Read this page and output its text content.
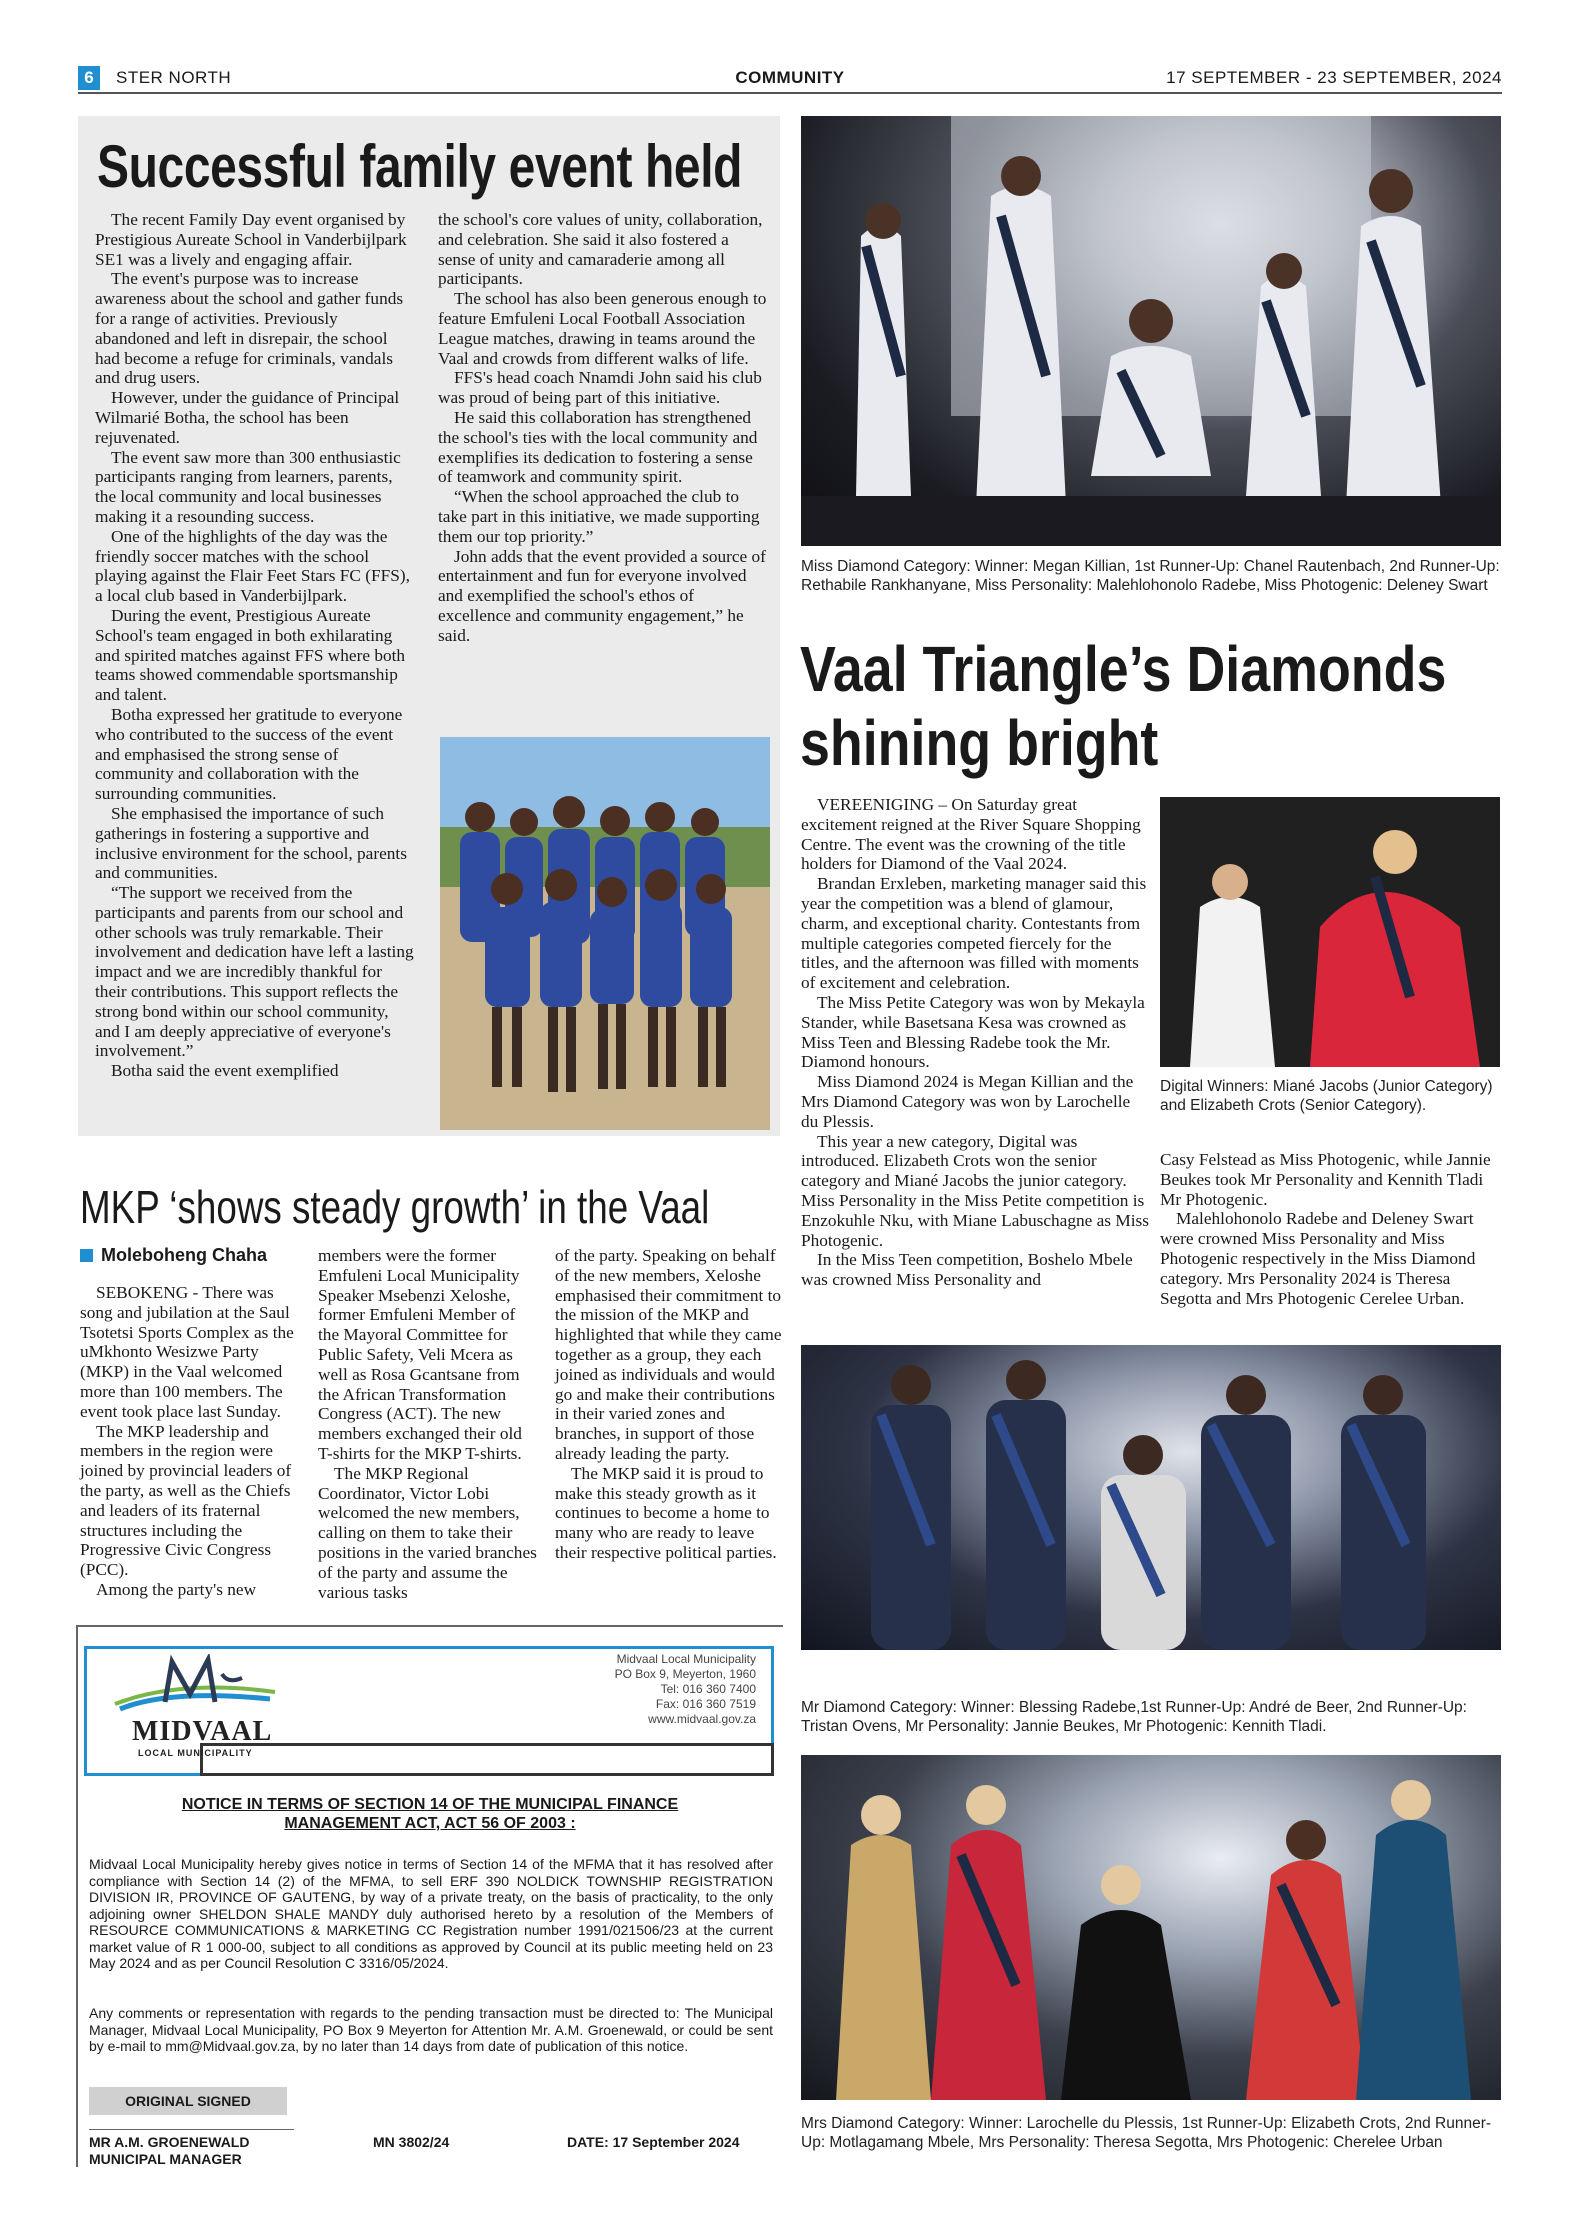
6	STER NORTH	COMMUNITY	17 SEPTEMBER - 23 SEPTEMBER, 2024
Successful family event held

The recent Family Day event organised by Prestigious Aureate School in Vanderbijlpark SE1 was a lively and engaging affair.

The event's purpose was to increase awareness about the school and gather funds for a range of activities. Previously abandoned and left in disrepair, the school had become a refuge for criminals, vandals and drug users.

However, under the guidance of Principal Wilmarié Botha, the school has been rejuvenated.

The event saw more than 300 enthusiastic participants ranging from learners, parents, the local community and local businesses making it a resounding success.

One of the highlights of the day was the friendly soccer matches with the school playing against the Flair Feet Stars FC (FFS), a local club based in Vanderbijlpark.

During the event, Prestigious Aureate School's team engaged in both exhilarating and spirited matches against FFS where both teams showed commendable sportsmanship and talent.

Botha expressed her gratitude to everyone who contributed to the success of the event and emphasised the strong sense of community and collaboration with the surrounding communities.

She emphasised the importance of such gatherings in fostering a supportive and inclusive environment for the school, parents and communities.

“The support we received from the participants and parents from our school and other schools was truly remarkable. Their involvement and dedication have left a lasting impact and we are incredibly thankful for their contributions. This support reflects the strong bond within our school community, and I am deeply appreciative of everyone's involvement.”

Botha said the event exemplified

the school's core values of unity, collaboration, and celebration. She said it also fostered a sense of unity and camaraderie among all participants.

The school has also been generous enough to feature Emfuleni Local Football Association League matches, drawing in teams around the Vaal and crowds from different walks of life.

FFS's head coach Nnamdi John said his club was proud of being part of this initiative.

He said this collaboration has strengthened the school's ties with the local community and exemplifies its dedication to fostering a sense of teamwork and community spirit.

“When the school approached the club to take part in this initiative, we made supporting them our top priority.”

John adds that the event provided a source of entertainment and fun for everyone involved and exemplified the school's ethos of excellence and community engagement,” he said.

MKP ‘shows steady growth’ in the Vaal
Moleboheng Chaha

SEBOKENG - There was song and jubilation at the Saul Tsotetsi Sports Complex as the uMkhonto Wesizwe Party (MKP) in the Vaal welcomed more than 100 members. The event took place last Sunday.

The MKP leadership and members in the region were joined by provincial leaders of the party, as well as the Chiefs and leaders of its fraternal structures including the Progressive Civic Congress (PCC).

Among the party's new

members were the former Emfuleni Local Municipality Speaker Msebenzi Xeloshe, former Emfuleni Member of the Mayoral Committee for Public Safety, Veli Mcera as well as Rosa Gcantsane from the African Transformation Congress (ACT). The new members exchanged their old T-shirts for the MKP T-shirts.

The MKP Regional Coordinator, Victor Lobi welcomed the new members, calling on them to take their positions in the varied branches of the party and assume the various tasks

of the party. Speaking on behalf of the new members, Xeloshe emphasised their commitment to the mission of the MKP and highlighted that while they came together as a group, they each joined as individuals and would go and make their contributions in their varied zones and branches, in support of those already leading the party.

The MKP said it is proud to make this steady growth as it continues to become a home to many who are ready to leave their respective political parties.

MIDVAAL
LOCAL MUNICIPALITY
Midvaal Local Municipality
PO Box 9, Meyerton, 1960
Tel: 016 360 7400
Fax: 016 360 7519
www.midvaal.gov.za
NOTICE IN TERMS OF SECTION 14 OF THE MUNICIPAL FINANCE
MANAGEMENT ACT, ACT 56 OF 2003 :
Midvaal Local Municipality hereby gives notice in terms of Section 14 of the MFMA that it has resolved after compliance with Section 14 (2) of the MFMA, to sell ERF 390 NOLDICK TOWNSHIP REGISTRATION DIVISION IR, PROVINCE OF GAUTENG, by way of a private treaty, on the basis of practicality, to the only adjoining owner SHELDON SHALE MANDY duly authorised hereto by a resolution of the Members of RESOURCE COMMUNICATIONS & MARKETING CC Registration number 1991/021506/23 at the current market value of R 1 000-00, subject to all conditions as approved by Council at its public meeting held on 23 May 2024 and as per Council Resolution C 3316/05/2024.
Any comments or representation with regards to the pending transaction must be directed to: The Municipal Manager, Midvaal Local Municipality, PO Box 9 Meyerton for Attention Mr. A.M. Groenewald, or could be sent by e-mail to mm@Midvaal.gov.za, by no later than 14 days from date of publication of this notice.
ORIGINAL SIGNED
MR A.M. GROENEWALD
MUNICIPAL MANAGER
MN 3802/24	DATE: 17 September 2024
Miss Diamond Category: Winner: Megan Killian, 1st Runner-Up: Chanel Rautenbach, 2nd Runner-Up: Rethabile Rankhanyane, Miss Personality: Malehlohonolo Radebe, Miss Photogenic: Deleney Swart
Vaal Triangle’s Diamonds
shining bright

VEREENIGING – On Saturday great excitement reigned at the River Square Shopping Centre. The event was the crowning of the title holders for Diamond of the Vaal 2024.

Brandan Erxleben, marketing manager said this year the competition was a blend of glamour, charm, and exceptional charity. Contestants from multiple categories competed fiercely for the titles, and the afternoon was filled with moments of excitement and celebration.

The Miss Petite Category was won by Mekayla Stander, while Basetsana Kesa was crowned as Miss Teen and Blessing Radebe took the Mr. Diamond honours.

Miss Diamond 2024 is Megan Killian and the Mrs Diamond Category was won by Larochelle du Plessis.

This year a new category, Digital was introduced. Elizabeth Crots won the senior category and Miané Jacobs the junior category. Miss Personality in the Miss Petite competition is Enzokuhle Nku, with Miane Labuschagne as Miss Photogenic.

In the Miss Teen competition, Boshelo Mbele was crowned Miss Personality and

Digital Winners: Miané Jacobs (Junior Category) and Elizabeth Crots (Senior Category).

Casy Felstead as Miss Photogenic, while Jannie Beukes took Mr Personality and Kennith Tladi Mr Photogenic.

Malehlohonolo Radebe and Deleney Swart were crowned Miss Personality and Miss Photogenic respectively in the Miss Diamond category. Mrs Personality 2024 is Theresa Segotta and Mrs Photogenic Cerelee Urban.

Mr Diamond Category: Winner: Blessing Radebe,1st Runner-Up: André de Beer, 2nd Runner-Up: Tristan Ovens, Mr Personality: Jannie Beukes, Mr Photogenic: Kennith Tladi.
Mrs Diamond Category: Winner: Larochelle du Plessis, 1st Runner-Up: Elizabeth Crots, 2nd Runner-Up: Motlagamang Mbele, Mrs Personality: Theresa Segotta, Mrs Photogenic: Cherelee Urban
